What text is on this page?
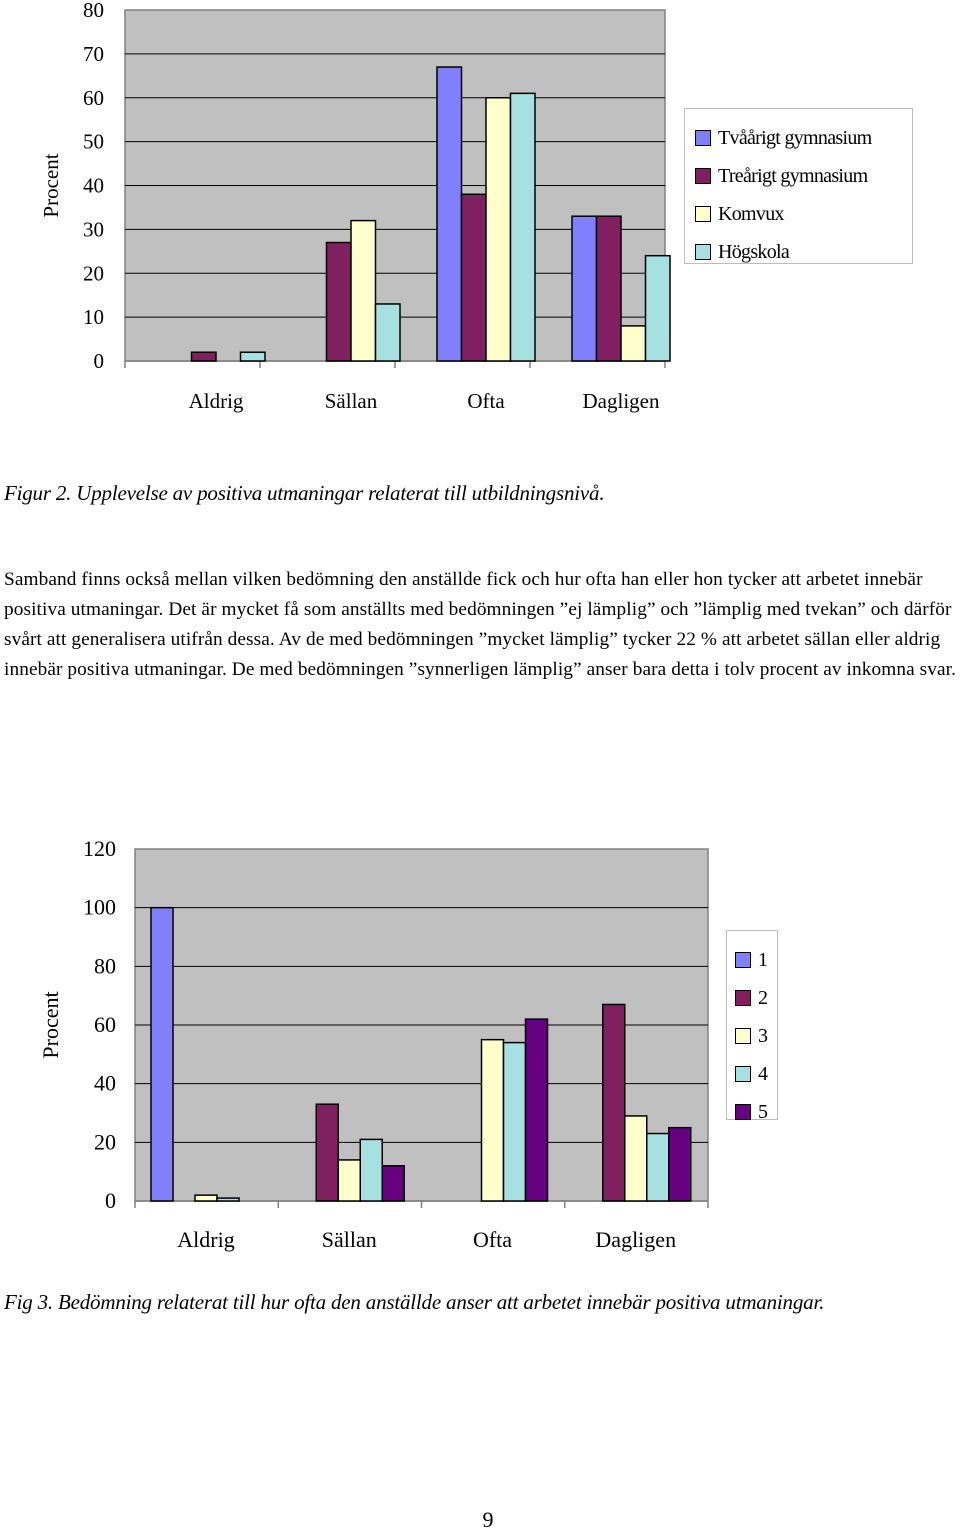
0
10
20
30
40
50
60
70
80
Aldrig	Sällan	Ofta	Dagligen
Procent
Tvåårigt gymnasium
Treårigt gymnasium
Komvux
Högskola

Figur 2. Upplevelse av positiva utmaningar relaterat till utbildningsnivå.

Samband finns också mellan vilken bedömning den anställde fick och hur ofta han eller hon tycker att arbetet innebär positiva utmaningar. Det är mycket få som anställts med bedömningen ”ej lämplig” och ”lämplig med tvekan” och därför svårt att generalisera utifrån dessa. Av de med bedömningen ”mycket lämplig” tycker 22 % att arbetet sällan eller aldrig innebär positiva utmaningar. De med bedömningen ”synnerligen lämplig” anser bara detta i tolv procent av inkomna svar.

0
20
40
60
80
100
120
Aldrig	Sällan	Ofta	Dagligen
Procent
1
2
3
4
5

Fig 3. Bedömning relaterat till hur ofta den anställde anser att arbetet innebär positiva utmaningar.

9
